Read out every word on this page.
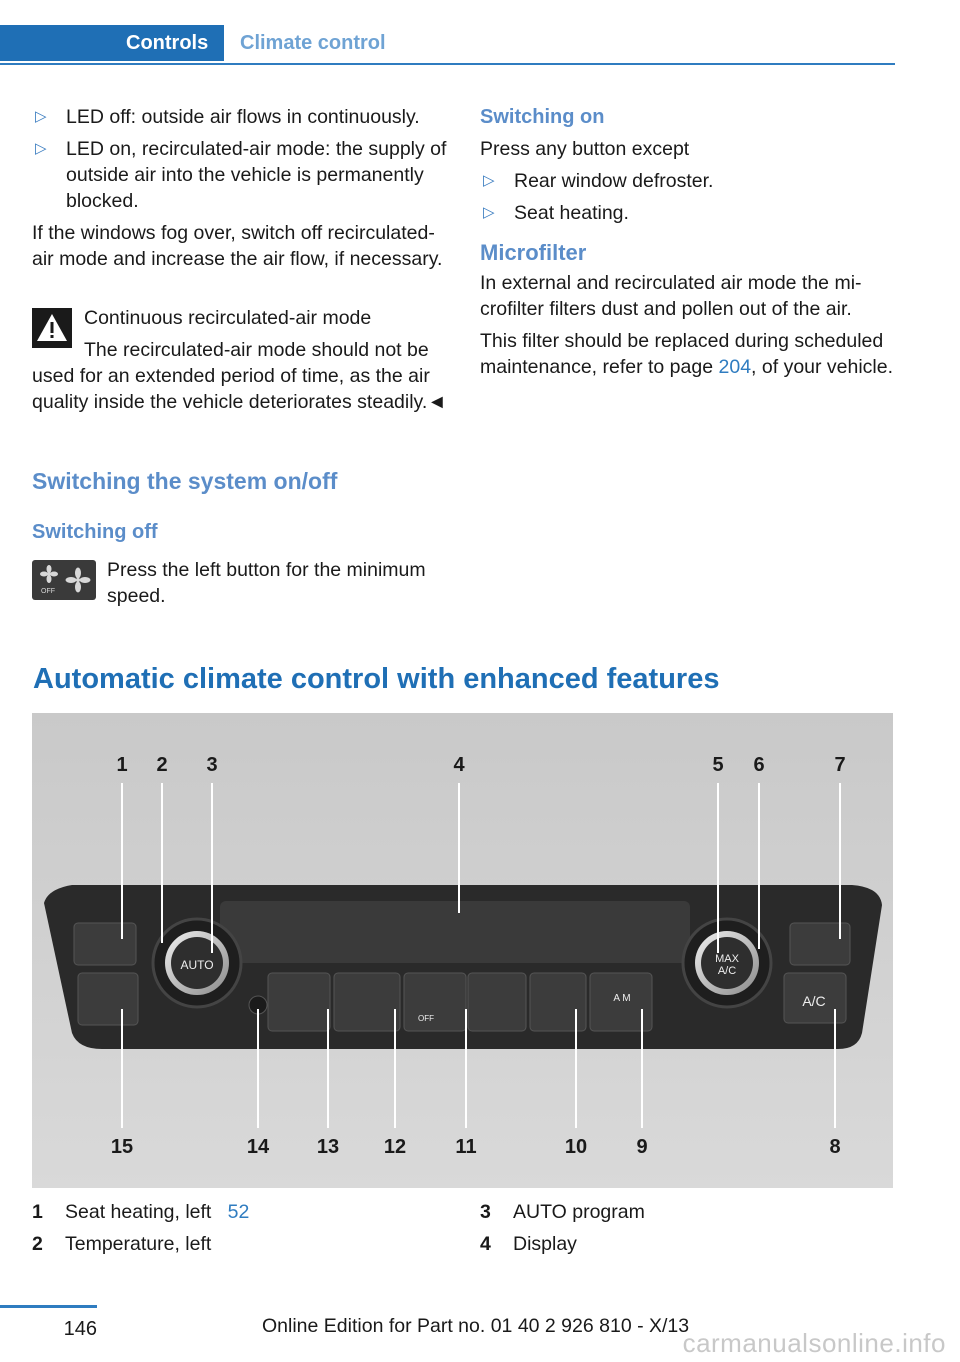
Controls	Climate control
▷ LED off: outside air flows in continuously.
▷ LED on, recirculated-air mode: the supply of outside air into the vehicle is permanently blocked.

If the windows fog over, switch off recirculated-air mode and increase the air flow, if necessary.

Continuous recirculated-air mode
The recirculated-air mode should not be
used for an extended period of time, as the air quality inside the vehicle deteriorates steadily.◄
Switching the system on/off
Switching off
OFF
Press the left button for the minimum speed.
Switching on

Press any button except

▷ Rear window defroster.
▷ Seat heating.
Microfilter

In external and recirculated air mode the microfilter filters dust and pollen out of the air.

This filter should be replaced during scheduled maintenance, refer to page 204, of your vehicle.

Automatic climate control with enhanced features
AUTO	MAX
A/C
A/C
OFF
A M
1 2 3	4	5 6	7
15	14 13 12 11	10 9	8
1 Seat heating, left 52
2 Temperature, left
3 AUTO program
4 Display
146	Online Edition for Part no. 01 40 2 926 810 - X/13
carmanualsonline.info
